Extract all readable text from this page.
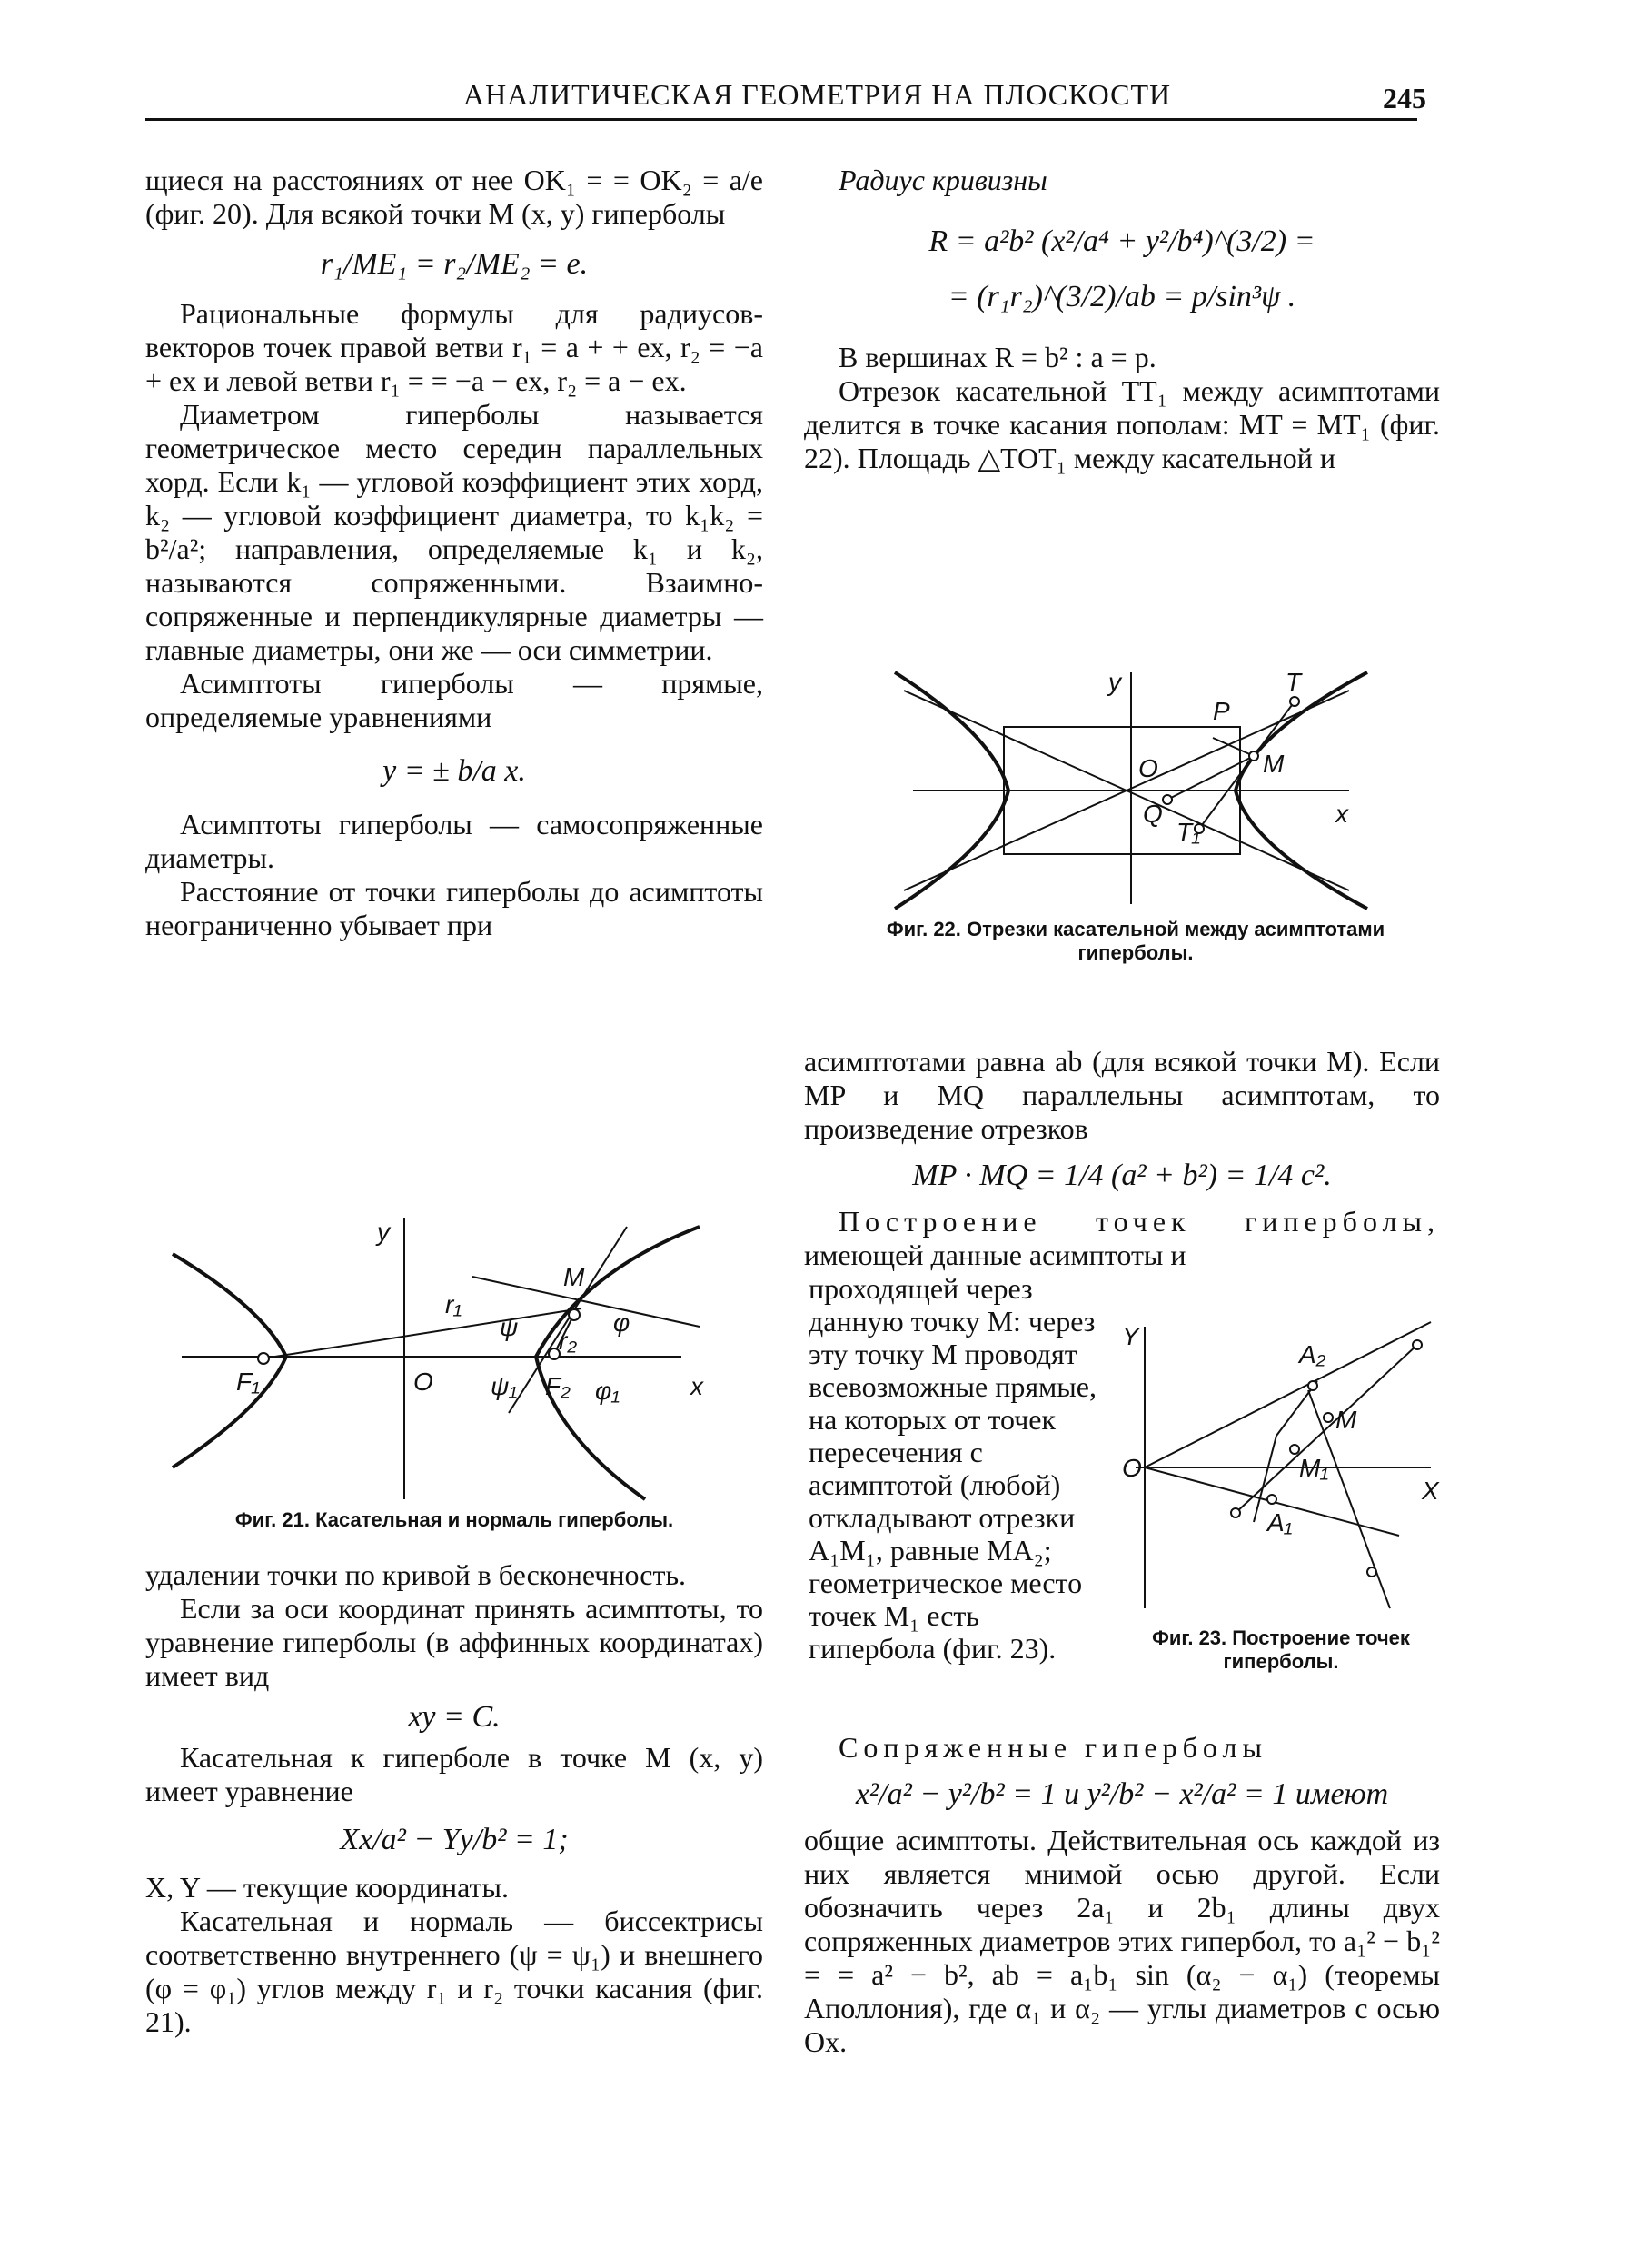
АНАЛИТИЧЕСКАЯ ГЕОМЕТРИЯ НА ПЛОСКОСТИ	245

щиеся на расстояниях от нее OK₁ = = OK₂ = a/e (фиг. 20). Для всякой точки M (x, y) гиперболы

r₁/ME₁ = r₂/ME₂ = e.

Рациональные формулы для радиусов-векторов точек правой ветви r₁ = a + + ex, r₂ = −a + ex и левой ветви r₁ = = −a − ex, r₂ = a − ex.

Диаметром гиперболы называется геометрическое место середин параллельных хорд. Если k₁ — угловой коэффициент этих хорд, k₂ — угловой коэффициент диаметра, то k₁k₂ = b²/a²; направления, определяемые k₁ и k₂, называются сопряженными. Взаимно-сопряженные и перпендикулярные диаметры — главные диаметры, они же — оси симметрии.

Асимптоты гиперболы — прямые, определяемые уравнениями

y = ± b/a x.

Асимптоты гиперболы — самосопряженные диаметры.

Расстояние от точки гиперболы до асимптоты неограниченно убывает при

y
x
O
F₁	F₂
M
r₁
r₂
ψ	φ
ψ₁	φ₁
Фиг. 21. Касательная и нормаль гиперболы.

удалении точки по кривой в бесконечность.

Если за оси координат принять асимптоты, то уравнение гиперболы (в аффинных координатах) имеет вид

xy = C.

Касательная к гиперболе в точке M (x, y) имеет уравнение

Xx/a² − Yy/b² = 1;

X, Y — текущие координаты.

Касательная и нормаль — биссектрисы соответственно внутреннего (ψ = ψ₁) и внешнего (φ = φ₁) углов между r₁ и r₂ точки касания (фиг. 21).

Радиус кривизны

R = a²b² (x²/a⁴ + y²/b⁴)^(3/2) =
= (r₁r₂)^(3/2)/ab = p/sin³ψ .

В вершинах R = b² : a = p.

Отрезок касательной TT₁ между асимптотами делится в точке касания пополам: MT = MT₁ (фиг. 22). Площадь △TOT₁ между касательной и

y
x
O
P
Q
T
T₁
M
Фиг. 22. Отрезки касательной между асимптотами гиперболы.

асимптотами равна ab (для всякой точки M). Если MP и MQ параллельны асимптотам, то произведение отрезков

MP · MQ = 1/4 (a² + b²) = 1/4 c².

Построение точек гиперболы, имеющей данные асимптоты и

проходящей через данную точку M: через эту точку M проводят всевозможные прямые, на которых от точек пересечения с асимптотой (любой) откладывают отрезки A₁M₁, равные MA₂; геометрическое место точек M₁ есть гипербола (фиг. 23).
Y
X
O
A₂
M
M₁
A₁
Фиг. 23. Построение точек гиперболы.

Сопряженные гиперболы

x²/a² − y²/b² = 1 и y²/b² − x²/a² = 1 имеют

общие асимптоты. Действительная ось каждой из них является мнимой осью другой. Если обозначить через 2a₁ и 2b₁ длины двух сопряженных диаметров этих гипербол, то a₁² − b₁² = = a² − b², ab = a₁b₁ sin (α₂ − α₁) (теоремы Аполлония), где α₁ и α₂ — углы диаметров с осью Ox.
